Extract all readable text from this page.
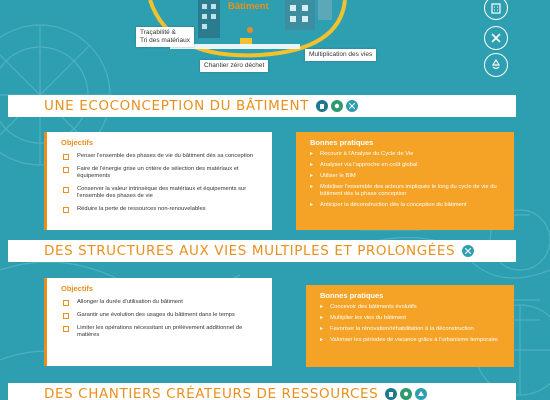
Bâtiment
Traçabilité &
Tri des matériaux
Chantier zéro déchet
Multiplication des vies
UNE ECOCONCEPTION DU BÂTIMENT
Objectifs
Penser l'ensemble des phases de vie du bâtiment dès sa conception
Faire de l'énergie grise un critère de sélection des matériaux et équipements
Conserver la valeur intrinsèque des matériaux et équipements sur l'ensemble des phases de vie
Réduire la perte de ressources non-renouvelables
Bonnes pratiques
▸ Recourir à l'Analyse du Cycle de Vie
▸ Analyser via l'approche en coût global
▸ Utiliser le BIM
▸ Mobiliser l'ensemble des acteurs impliqués le long du cycle de vie du bâtiment dès la phase conception
▸ Anticiper la déconstruction dès la conception du bâtiment
DES STRUCTURES AUX VIES MULTIPLES ET PROLONGÉES
Objectifs
Allonger la durée d'utilisation du bâtiment
Garantir une évolution des usages du bâtiment dans le temps
Limiter les opérations nécessitant un prélèvement additionnel de matières
Bonnes pratiques
▸ Concevoir des bâtiments évolutifs
▸ Multiplier les vies du bâtiment
▸ Favoriser la rénovation/réhabilitation à la déconstruction
▸ Valoriser les périodes de vacance grâce à l'urbanisme temporaire
DES CHANTIERS CRÉATEURS DE RESSOURCES
